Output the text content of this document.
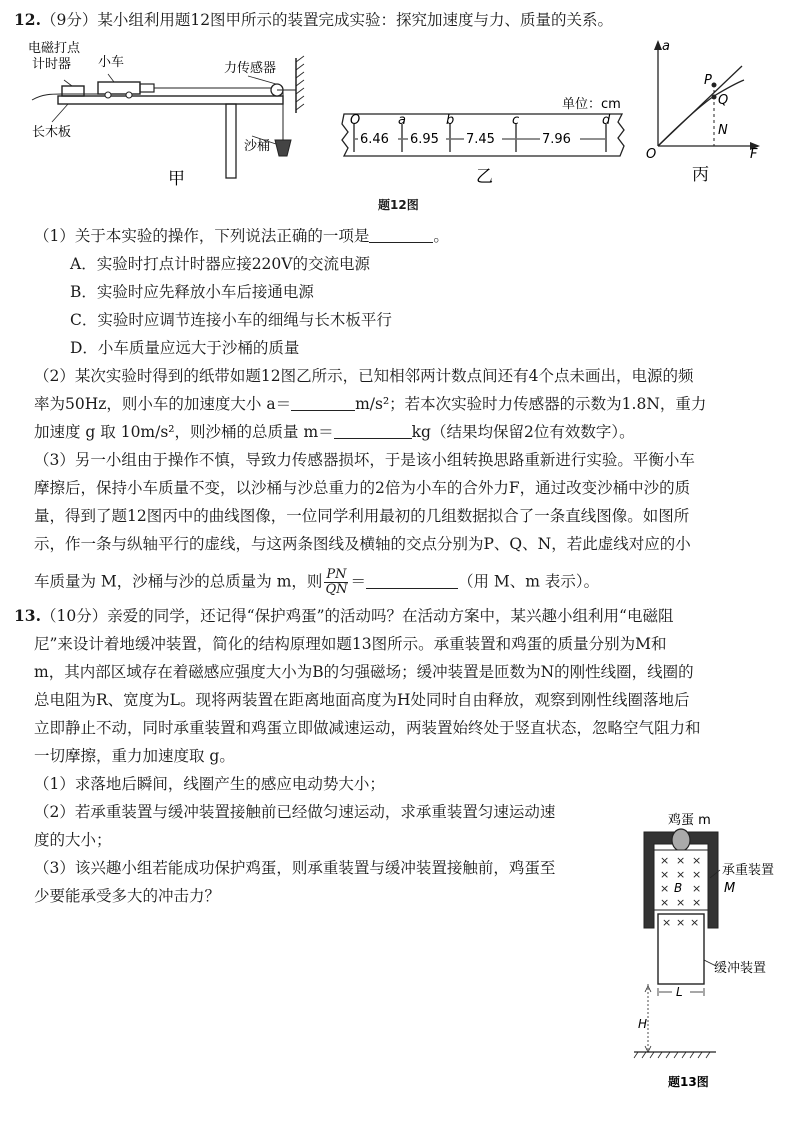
12.（9分）某小组利用题12图甲所示的装置完成实验：探究加速度与力、质量的关系。
电磁打点
计时器 小车	力传感器
长木板
沙桶
甲
单位：cm
O	a	b	c	d
6.46 6.95 7.45	7.96
乙
a
F
O
P
Q
N
丙
题12图
（1）关于本实验的操作，下列说法正确的一项是	。
A．实验时打点计时器应接220V的交流电源
B．实验时应先释放小车后接通电源
C．实验时应调节连接小车的细绳与长木板平行
D．小车质量应远大于沙桶的质量
（2）某次实验时得到的纸带如题12图乙所示，已知相邻两计数点间还有4个点未画出，电源的频
率为50Hz，则小车的加速度大小 a＝	m/s²；若本次实验时力传感器的示数为1.8N，重力
加速度 g 取 10m/s²，则沙桶的总质量 m＝	kg（结果均保留2位有效数字）。
（3）另一小组由于操作不慎，导致力传感器损坏，于是该小组转换思路重新进行实验。平衡小车
摩擦后，保持小车质量不变，以沙桶与沙总重力的2倍为小车的合外力F，通过改变沙桶中沙的质
量，得到了题12图丙中的曲线图像，一位同学利用最初的几组数据拟合了一条直线图像。如图所
示，作一条与纵轴平行的虚线，与这两条图线及横轴的交点分别为P、Q、N，若此虚线对应的小
车质量为 M，沙桶与沙的总质量为 m，则 $\frac{PN}{QN}$ ＝	（用 M、m 表示）。
13.（10分）亲爱的同学，还记得“保护鸡蛋”的活动吗？在活动方案中，某兴趣小组利用“电磁阻
尼”来设计着地缓冲装置，简化的结构原理如题13图所示。承重装置和鸡蛋的质量分别为M和
m，其内部区域存在着磁感应强度大小为B的匀强磁场；缓冲装置是匝数为N的刚性线圈，线圈的
总电阻为R、宽度为L。现将两装置在距离地面高度为H处同时自由释放，观察到刚性线圈落地后
立即静止不动，同时承重装置和鸡蛋立即做减速运动，两装置始终处于竖直状态，忽略空气阻力和
一切摩擦，重力加速度取 g。
（1）求落地后瞬间，线圈产生的感应电动势大小；
（2）若承重装置与缓冲装置接触前已经做匀速运动，求承重装置匀速运动速
度的大小；
（3）该兴趣小组若能成功保护鸡蛋，则承重装置与缓冲装置接触前，鸡蛋至
少要能承受多大的冲击力？
鸡蛋 m
× × ×
× × ×
× ×
× × ×
B
× × ×
承重装置
M
缓冲装置
L
H
题13图
